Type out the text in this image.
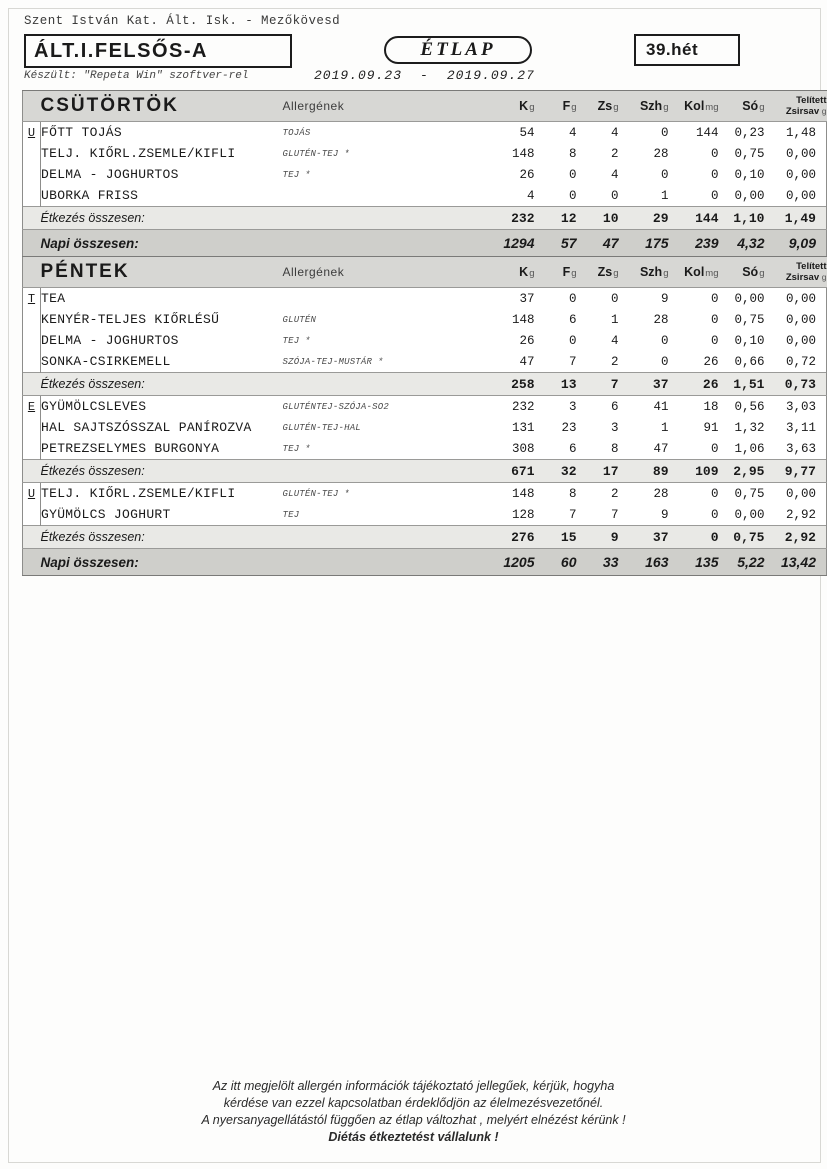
Szent István Kat. Ált. Isk. - Mezőkövesd
ÁLT.I.FELSŐS-A	ÉTLAP	39.hét
Készült: "Repeta Win" szoftver-rel	2019.09.23 - 2019.09.27
	CSÜTÖRTÖK	Allergének	Kg	Fg	Zsg	Szhg	Kolmg	Sóg	Telített
Zsirsav g
U	FŐTT TOJÁS	TOJÁS	54	4	4	0	144	0,23	1,48
	TELJ. KIŐRL.ZSEMLE/KIFLI	GLUTÉN-TEJ *	148	8	2	28	0	0,75	0,00
	DELMA - JOGHURTOS	TEJ *	26	0	4	0	0	0,10	0,00
	UBORKA FRISS		4	0	0	1	0	0,00	0,00
	Étkezés összesen:		232	12	10	29	144	1,10	1,49
	Napi összesen:		1294	57	47	175	239	4,32	9,09
	PÉNTEK	Allergének	Kg	Fg	Zsg	Szhg	Kolmg	Sóg	Telített
Zsirsav g
T	TEA		37	0	0	9	0	0,00	0,00
	KENYÉR-TELJES KIŐRLÉSŰ	GLUTÉN	148	6	1	28	0	0,75	0,00
	DELMA - JOGHURTOS	TEJ *	26	0	4	0	0	0,10	0,00
	SONKA-CSIRKEMELL	SZÓJA-TEJ-MUSTÁR *	47	7	2	0	26	0,66	0,72
	Étkezés összesen:		258	13	7	37	26	1,51	0,73
E	GYÜMÖLCSLEVES	GLUTÉNTEJ-SZÓJA-SO2	232	3	6	41	18	0,56	3,03
	HAL SAJTSZÓSSZAL PANÍROZVA	GLUTÉN-TEJ-HAL	131	23	3	1	91	1,32	3,11
	PETREZSELYMES BURGONYA	TEJ *	308	6	8	47	0	1,06	3,63
	Étkezés összesen:		671	32	17	89	109	2,95	9,77
U	TELJ. KIŐRL.ZSEMLE/KIFLI	GLUTÉN-TEJ *	148	8	2	28	0	0,75	0,00
	GYÜMÖLCS JOGHURT	TEJ	128	7	7	9	0	0,00	2,92
	Étkezés összesen:		276	15	9	37	0	0,75	2,92
	Napi összesen:		1205	60	33	163	135	5,22	13,42
Az itt megjelölt allergén információk tájékoztató jellegűek, kérjük, hogyha
kérdése van ezzel kapcsolatban érdeklődjön az élelmezésvezetőnél.
A nyersanyagellátástól függően az étlap változhat , melyért elnézést kérünk !
Diétás étkeztetést vállalunk !
